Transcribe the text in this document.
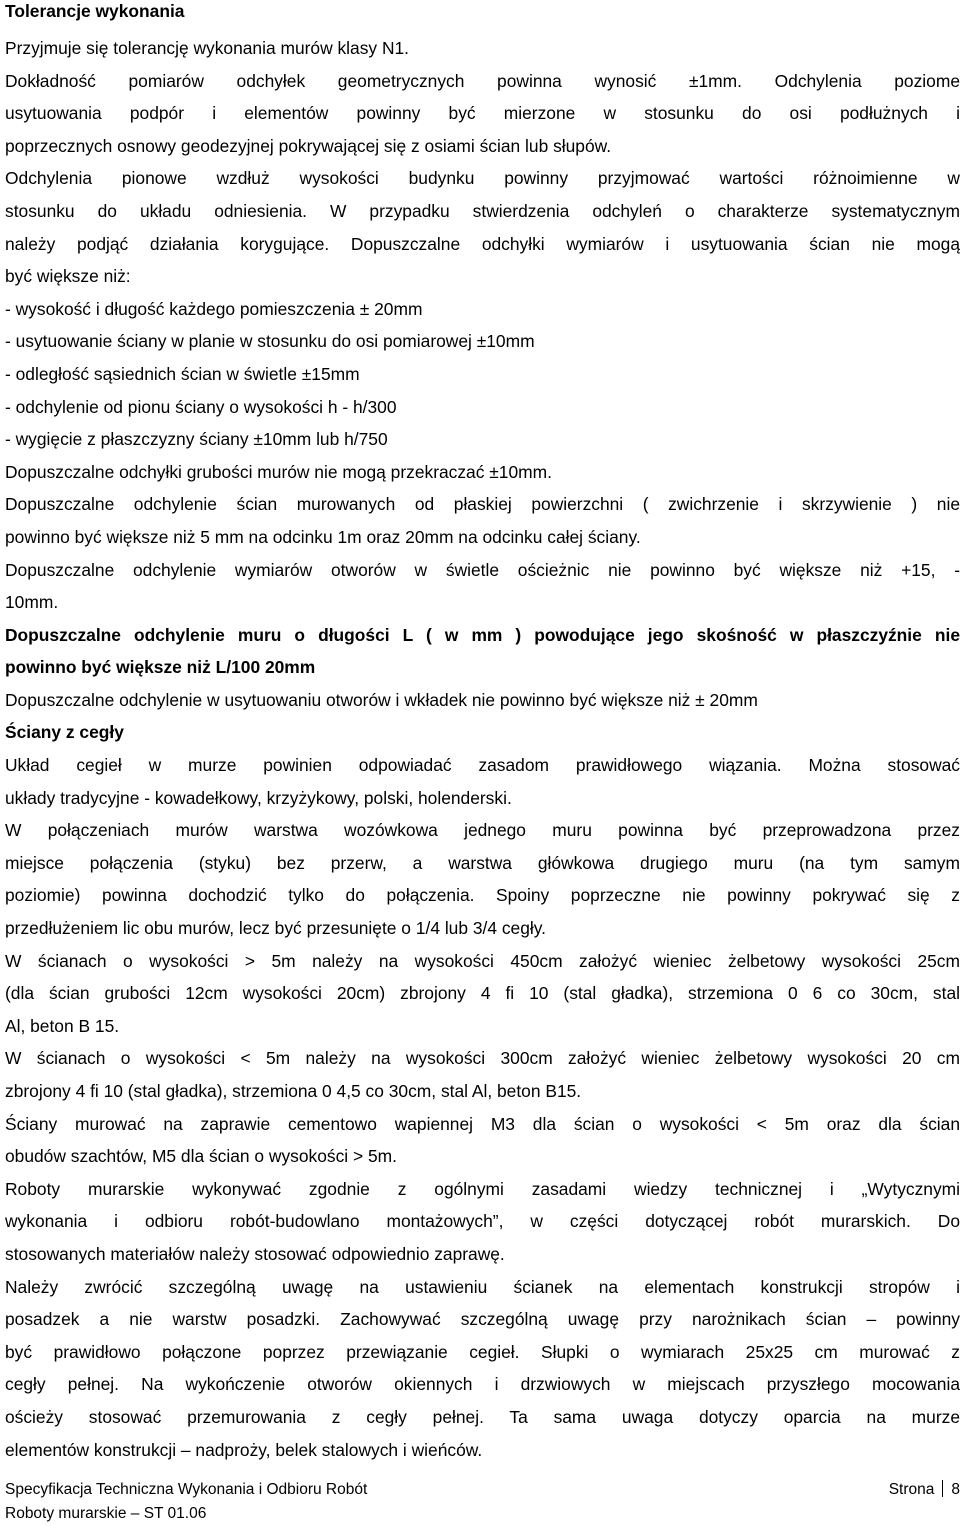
Tolerancje wykonania
Przyjmuje się tolerancję wykonania murów klasy N1.
Dokładność pomiarów odchyłek geometrycznych powinna wynosić ±1mm. Odchylenia poziome
usytuowania podpór i elementów powinny być mierzone w stosunku do osi podłużnych i
poprzecznych osnowy geodezyjnej pokrywającej się z osiami ścian lub słupów.
Odchylenia pionowe wzdłuż wysokości budynku powinny przyjmować wartości różnoimienne w
stosunku do układu odniesienia. W przypadku stwierdzenia odchyleń o charakterze systematycznym
należy podjąć działania korygujące. Dopuszczalne odchyłki wymiarów i usytuowania ścian nie mogą
być większe niż:
- wysokość i długość każdego pomieszczenia ± 20mm
- usytuowanie ściany w planie w stosunku do osi pomiarowej ±10mm
- odległość sąsiednich ścian w świetle ±15mm
- odchylenie od pionu ściany o wysokości h - h/300
- wygięcie z płaszczyzny ściany ±10mm lub h/750
Dopuszczalne odchyłki grubości murów nie mogą przekraczać ±10mm.
Dopuszczalne odchylenie ścian murowanych od płaskiej powierzchni ( zwichrzenie i skrzywienie ) nie
powinno być większe niż 5 mm na odcinku 1m oraz 20mm na odcinku całej ściany.
Dopuszczalne odchylenie wymiarów otworów w świetle ościeżnic nie powinno być większe niż +15, -
10mm.
Dopuszczalne odchylenie muru o długości L ( w mm ) powodujące jego skośność w płaszczyźnie nie
powinno być większe niż L/100 20mm
Dopuszczalne odchylenie w usytuowaniu otworów i wkładek nie powinno być większe niż ± 20mm
Ściany z cegły
Układ cegieł w murze powinien odpowiadać zasadom prawidłowego wiązania. Można stosować
układy tradycyjne - kowadełkowy, krzyżykowy, polski, holenderski.
W połączeniach murów warstwa wozówkowa jednego muru powinna być przeprowadzona przez
miejsce połączenia (styku) bez przerw, a warstwa główkowa drugiego muru (na tym samym
poziomie) powinna dochodzić tylko do połączenia. Spoiny poprzeczne nie powinny pokrywać się z
przedłużeniem lic obu murów, lecz być przesunięte o 1/4 lub 3/4 cegły.
W ścianach o wysokości > 5m należy na wysokości 450cm założyć wieniec żelbetowy wysokości 25cm
(dla ścian grubości 12cm wysokości 20cm) zbrojony 4 fi 10 (stal gładka), strzemiona 0 6 co 30cm, stal
Al, beton B 15.
W ścianach o wysokości < 5m należy na wysokości 300cm założyć wieniec żelbetowy wysokości 20 cm
zbrojony 4 fi 10 (stal gładka), strzemiona 0 4,5 co 30cm, stal Al, beton B15.
Ściany murować na zaprawie cementowo wapiennej M3 dla ścian o wysokości < 5m oraz dla ścian
obudów szachtów, M5 dla ścian o wysokości > 5m.
Roboty murarskie wykonywać zgodnie z ogólnymi zasadami wiedzy technicznej i „Wytycznymi
wykonania i odbioru robót-budowlano montażowych”, w części dotyczącej robót murarskich. Do
stosowanych materiałów należy stosować odpowiednio zaprawę.
Należy zwrócić szczególną uwagę na ustawieniu ścianek na elementach konstrukcji stropów i
posadzek a nie warstw posadzki. Zachowywać szczególną uwagę przy narożnikach ścian – powinny
być prawidłowo połączone poprzez przewiązanie cegieł. Słupki o wymiarach 25x25 cm murować z
cegły pełnej. Na wykończenie otworów okiennych i drzwiowych w miejscach przyszłego mocowania
ościeży stosować przemurowania z cegły pełnej. Ta sama uwaga dotyczy oparcia na murze
elementów konstrukcji – nadproży, belek stalowych i wieńców.
Specyfikacja Techniczna Wykonania i Odbioru Robót	Strona 8
Roboty murarskie – ST 01.06
